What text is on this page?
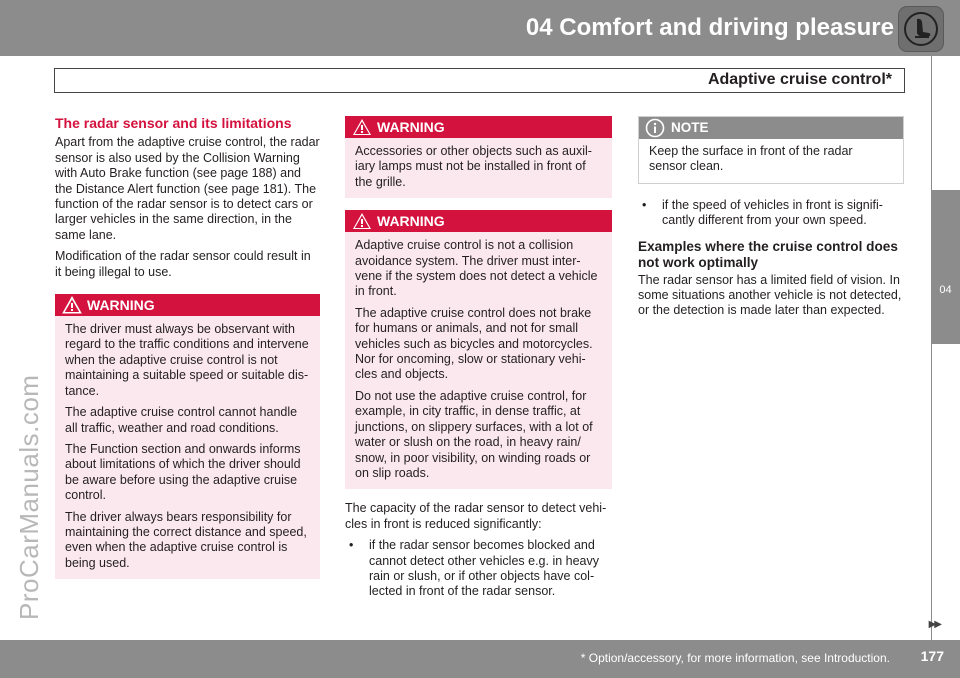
04 Comfort and driving pleasure
Adaptive cruise control*
04
ProCarManuals.com
The radar sensor and its limitations

Apart from the adaptive cruise control, the radar sensor is also used by the Collision Warning with Auto Brake function (see page 188) and the Distance Alert function (see page 181). The function of the radar sensor is to detect cars or larger vehicles in the same direction, in the same lane.

Modification of the radar sensor could result in it being illegal to use.

WARNING

The driver must always be observant with regard to the traffic conditions and intervene when the adaptive cruise control is not maintaining a suitable speed or suitable dis-tance.

The adaptive cruise control cannot handle all traffic, weather and road conditions.

The Function section and onwards informs about limitations of which the driver should be aware before using the adaptive cruise control.

The driver always bears responsibility for maintaining the correct distance and speed, even when the adaptive cruise control is being used.

WARNING

Accessories or other objects such as auxil-iary lamps must not be installed in front of the grille.

WARNING

Adaptive cruise control is not a collision avoidance system. The driver must inter-vene if the system does not detect a vehicle in front.

The adaptive cruise control does not brake for humans or animals, and not for small vehicles such as bicycles and motorcycles. Nor for oncoming, slow or stationary vehi-cles and objects.

Do not use the adaptive cruise control, for example, in city traffic, in dense traffic, at junctions, on slippery surfaces, with a lot of water or slush on the road, in heavy rain/ snow, in poor visibility, on winding roads or on slip roads.

The capacity of the radar sensor to detect vehi-cles in front is reduced significantly:

• if the radar sensor becomes blocked and cannot detect other vehicles e.g. in heavy rain or slush, or if other objects have col-lected in front of the radar sensor.
NOTE
Keep the surface in front of the radar sensor clean.
• if the speed of vehicles in front is signifi-cantly different from your own speed.
Examples where the cruise control does not work optimally

The radar sensor has a limited field of vision. In some situations another vehicle is not detected, or the detection is made later than expected.

▶▶
* Option/accessory, for more information, see Introduction. 177
